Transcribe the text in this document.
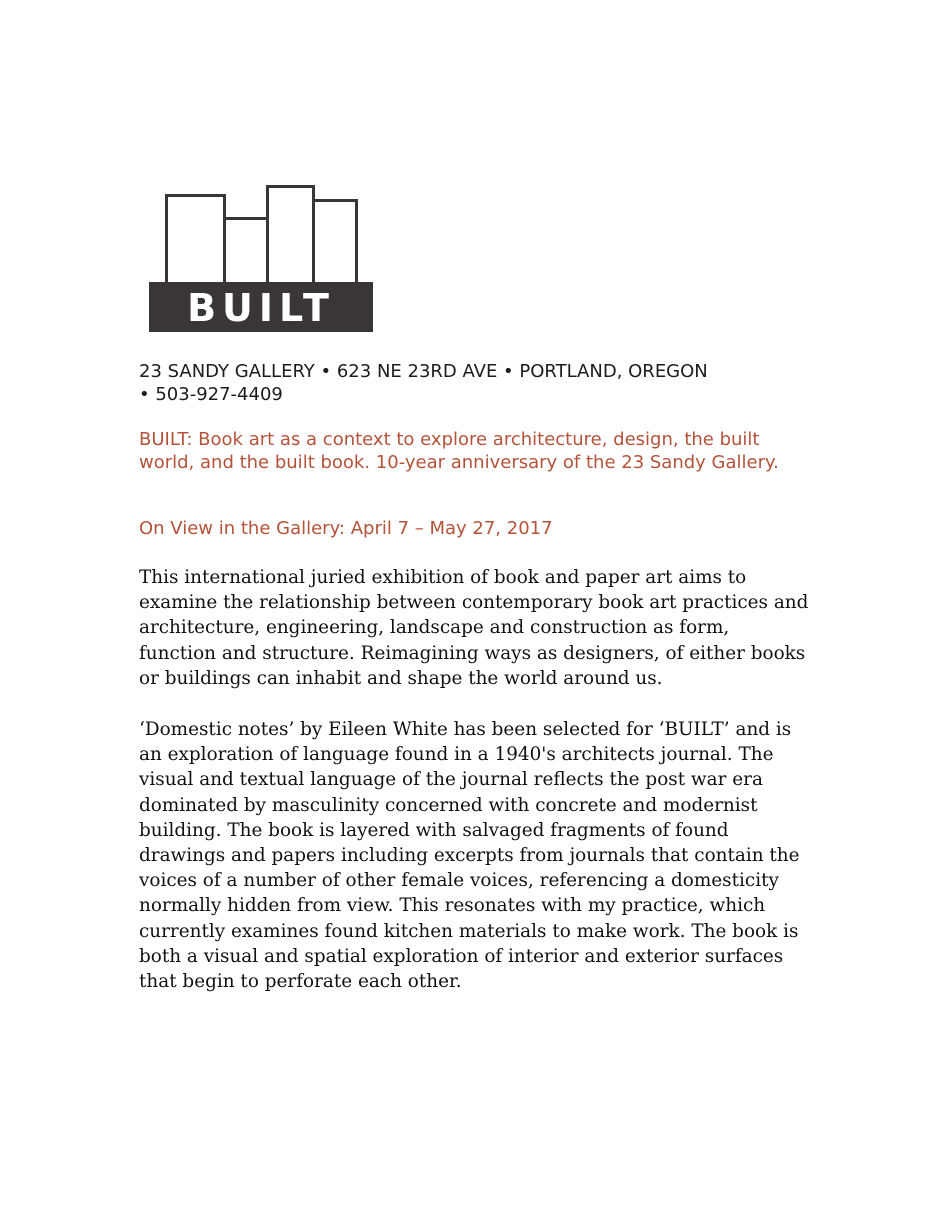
BUILT
23 SANDY GALLERY • 623 NE 23RD AVE • PORTLAND, OREGON
• 503-927-4409
BUILT: Book art as a context to explore architecture, design, the built world, and the built book. 10-year anniversary of the 23 Sandy Gallery.
On View in the Gallery: April 7 – May 27, 2017

This international juried exhibition of book and paper art aims to examine the relationship between contemporary book art practices and architecture, engineering, landscape and construction as form, function and structure. Reimagining ways as designers, of either books or buildings can inhabit and shape the world around us.

‘Domestic notes’ by Eileen White has been selected for ‘BUILT’ and is an exploration of language found in a 1940's architects journal. The visual and textual language of the journal reflects the post war era dominated by masculinity concerned with concrete and modernist building. The book is layered with salvaged fragments of found drawings and papers including excerpts from journals that contain the voices of a number of other female voices, referencing a domesticity normally hidden from view. This resonates with my practice, which currently examines found kitchen materials to make work. The book is both a visual and spatial exploration of interior and exterior surfaces that begin to perforate each other.
